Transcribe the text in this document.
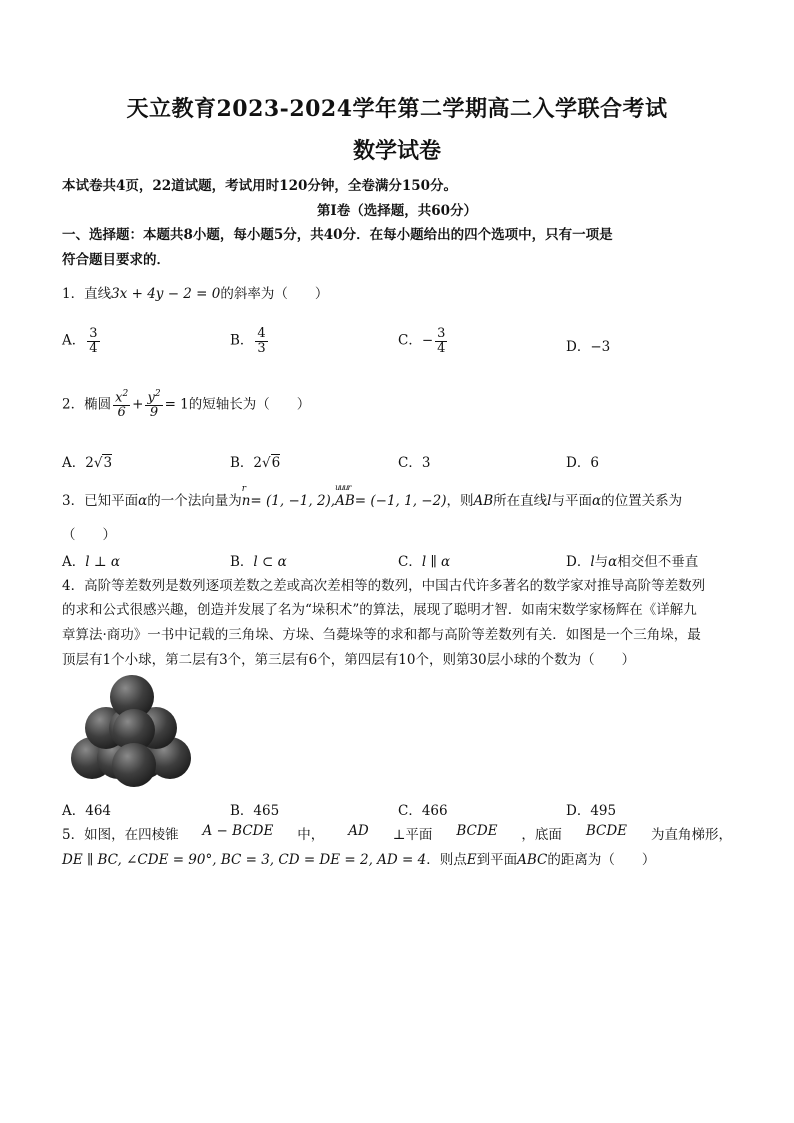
天立教育2023-2024学年第二学期高二入学联合考试
数学试卷
本试卷共4页，22道试题，考试用时120分钟，全卷满分150分。
第Ⅰ卷（选择题，共60分）
一、选择题：本题共8小题，每小题5分，共40分．在每小题给出的四个选项中，只有一项是
符合题目要求的．
1．直线3x + 4y − 2 = 0的斜率为（　　）
A． $\frac{3}{4}$	B． $\frac{4}{3}$	C．− $\frac{3}{4}$	D．−3
2．椭圆 $\frac{x^2}{6} + \frac{y^2}{9} = 1$的短轴长为（　　）
A．2√3	B．2√6	C．3	D．6
3．已知平面α的一个法向量为
r
n= (1, −1, 2),
uuur
AB= (−1, 1, −2)，则AB所在直线l与平面α的位置关系为
（　　）
A．l ⊥ α	B．l ⊂ α	C．l ∥ α	D．l与α相交但不垂直
4．高阶等差数列是数列逐项差数之差或高次差相等的数列，中国古代许多著名的数学家对推导高阶等差数列
的求和公式很感兴趣，创造并发展了名为“垛积术”的算法，展现了聪明才智．如南宋数学家杨辉在《详解九
章算法·商功》一书中记载的三角垛、方垛、刍薨垛等的求和都与高阶等差数列有关．如图是一个三角垛，最
顶层有1个小球，第二层有3个，第三层有6个，第四层有10个，则第30层小球的个数为（　　）
A．464	B．465	C．466	D．495
5．如图，在四棱锥 A − BCDE 中， AD ⊥平面 BCDE ，底面 BCDE 为直角梯形，
DE ∥ BC, ∠CDE = 90°, BC = 3, CD = DE = 2, AD = 4．则点E到平面ABC的距离为（　　）
